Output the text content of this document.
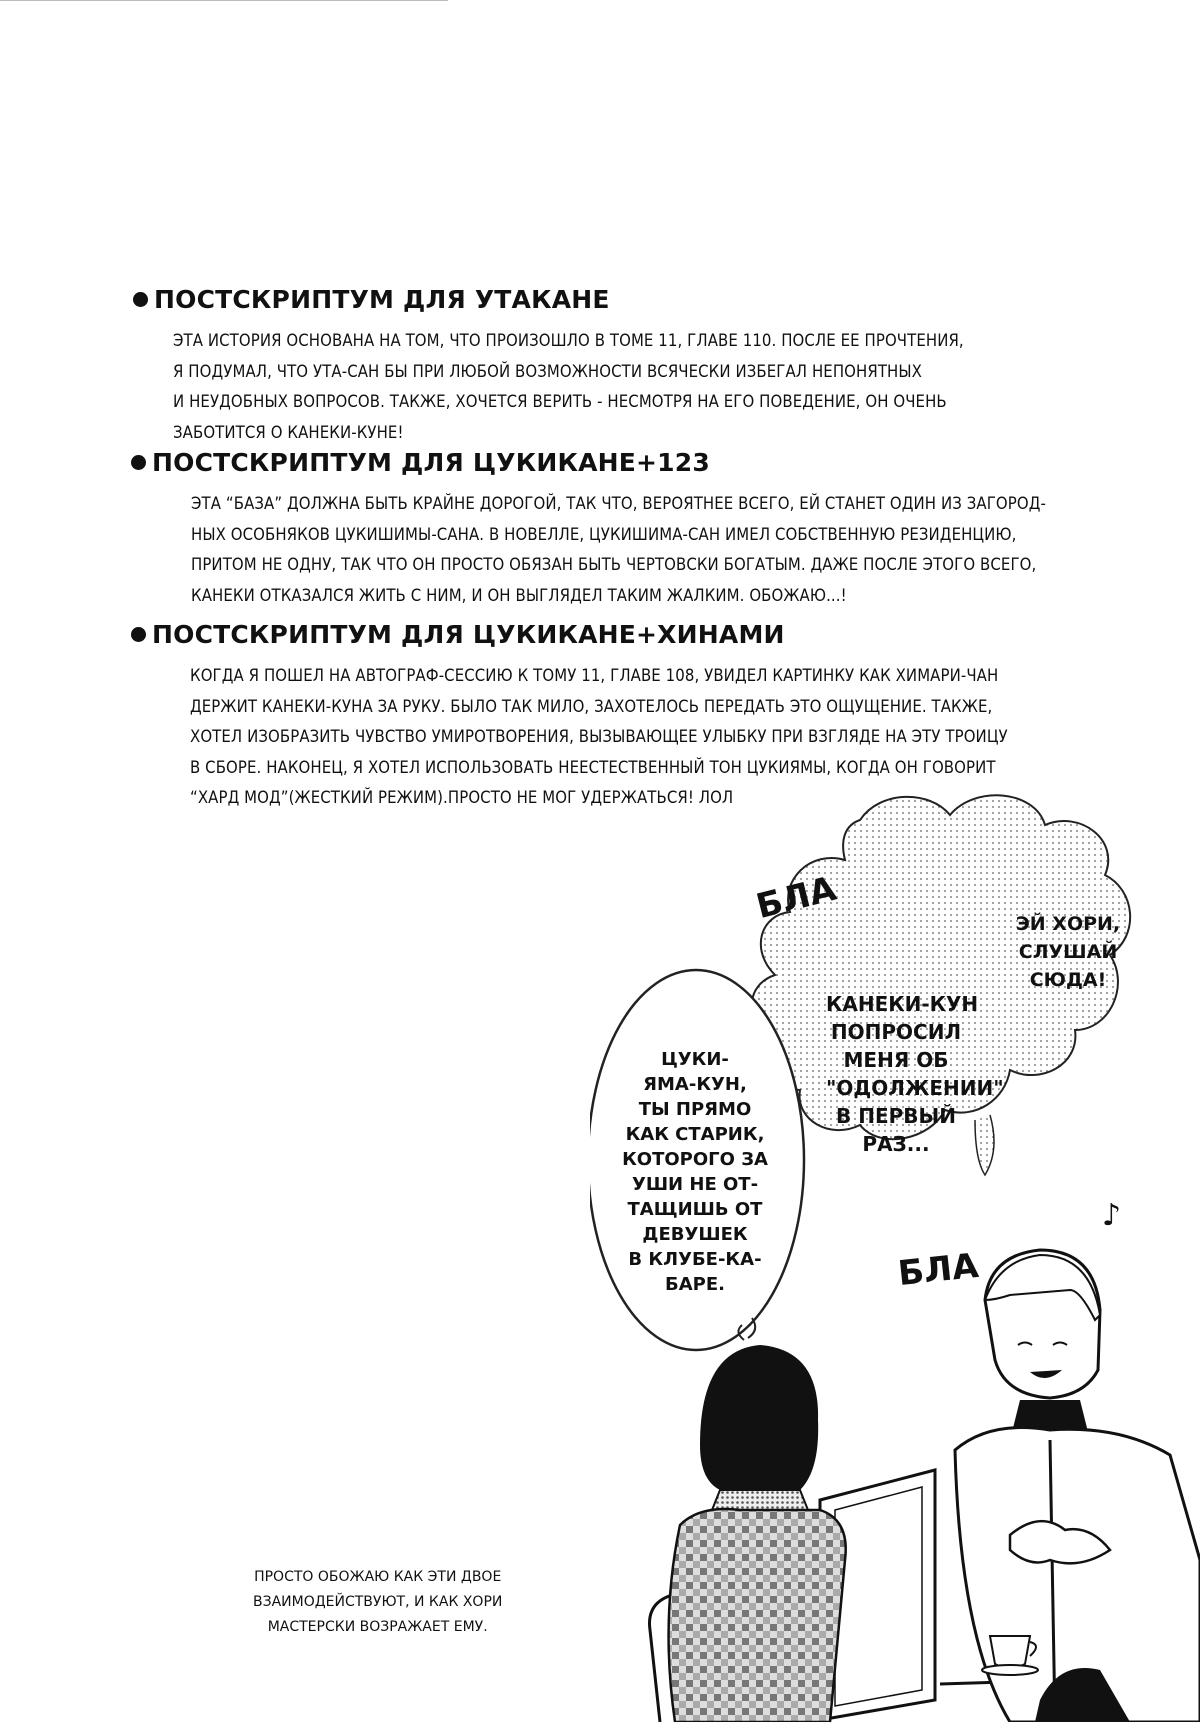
ПОСТСКРИПТУМ ДЛЯ УТАКАНЕ
ЭТА ИСТОРИЯ ОСНОВАНА НА ТОМ, ЧТО ПРОИЗОШЛО В ТОМЕ 11, ГЛАВЕ 110. ПОСЛЕ ЕЕ ПРОЧТЕНИЯ,
Я ПОДУМАЛ, ЧТО УТА-САН БЫ ПРИ ЛЮБОЙ ВОЗМОЖНОСТИ ВСЯЧЕСКИ ИЗБЕГАЛ НЕПОНЯТНЫХ
И НЕУДОБНЫХ ВОПРОСОВ. ТАКЖЕ, ХОЧЕТСЯ ВЕРИТЬ - НЕСМОТРЯ НА ЕГО ПОВЕДЕНИЕ, ОН ОЧЕНЬ
ЗАБОТИТСЯ О КАНЕКИ-КУНЕ!
ПОСТСКРИПТУМ ДЛЯ ЦУКИКАНЕ+123
ЭТА “БАЗА” ДОЛЖНА БЫТЬ КРАЙНЕ ДОРОГОЙ, ТАК ЧТО, ВЕРОЯТНЕЕ ВСЕГО, ЕЙ СТАНЕТ ОДИН ИЗ ЗАГОРОД-
НЫХ ОСОБНЯКОВ ЦУКИШИМЫ-САНА. В НОВЕЛЛЕ, ЦУКИШИМА-САН ИМЕЛ СОБСТВЕННУЮ РЕЗИДЕНЦИЮ,
ПРИТОМ НЕ ОДНУ, ТАК ЧТО ОН ПРОСТО ОБЯЗАН БЫТЬ ЧЕРТОВСКИ БОГАТЫМ. ДАЖЕ ПОСЛЕ ЭТОГО ВСЕГО,
КАНЕКИ ОТКАЗАЛСЯ ЖИТЬ С НИМ, И ОН ВЫГЛЯДЕЛ ТАКИМ ЖАЛКИМ. ОБОЖАЮ...!
ПОСТСКРИПТУМ ДЛЯ ЦУКИКАНЕ+ХИНАМИ
КОГДА Я ПОШЕЛ НА АВТОГРАФ-СЕССИЮ К ТОМУ 11, ГЛАВЕ 108, УВИДЕЛ КАРТИНКУ КАК ХИМАРИ-ЧАН
ДЕРЖИТ КАНЕКИ-КУНА ЗА РУКУ. БЫЛО ТАК МИЛО, ЗАХОТЕЛОСЬ ПЕРЕДАТЬ ЭТО ОЩУЩЕНИЕ. ТАКЖЕ,
ХОТЕЛ ИЗОБРАЗИТЬ ЧУВСТВО УМИРОТВОРЕНИЯ, ВЫЗЫВАЮЩЕЕ УЛЫБКУ ПРИ ВЗГЛЯДЕ НА ЭТУ ТРОИЦУ
В СБОРЕ. НАКОНЕЦ, Я ХОТЕЛ ИСПОЛЬЗОВАТЬ НЕЕСТЕСТВЕННЫЙ ТОН ЦУКИЯМЫ, КОГДА ОН ГОВОРИТ
“ХАРД МОД”(ЖЕСТКИЙ РЕЖИМ).ПРОСТО НЕ МОГ УДЕРЖАТЬСЯ! ЛОЛ
ЦУКИ-
ЯМА-КУН,
ТЫ ПРЯМО
КАК СТАРИК,
КОТОРОГО ЗА
УШИ НЕ ОТ-
ТАЩИШЬ ОТ
ДЕВУШЕК
В КЛУБЕ-КА-
БАРЕ.
ЭЙ ХОРИ,
СЛУШАЙ
СЮДА!
КАНЕКИ-КУН
ПОПРОСИЛ
МЕНЯ ОБ
"ОДОЛЖЕНИИ"
В ПЕРВЫЙ
РАЗ...
БЛА
БЛА
♪
ПРОСТО ОБОЖАЮ КАК ЭТИ ДВОЕ
ВЗАИМОДЕЙСТВУЮТ, И КАК ХОРИ
МАСТЕРСКИ ВОЗРАЖАЕТ ЕМУ.
